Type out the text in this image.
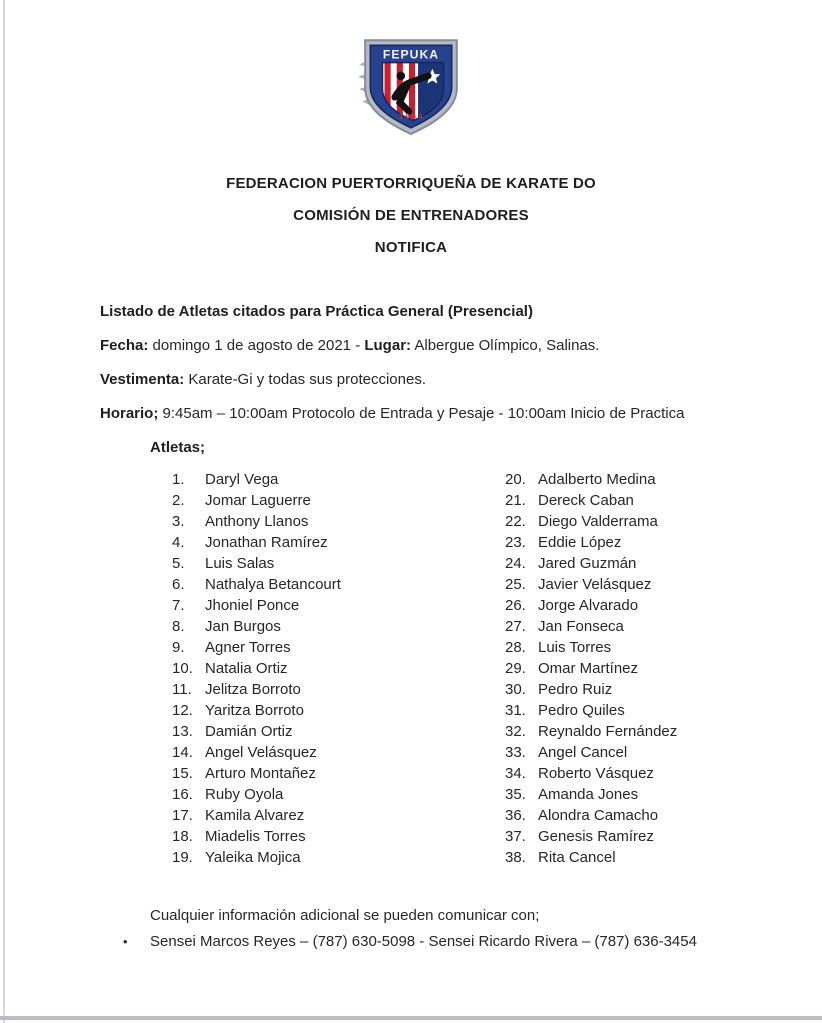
FEPUKA
1964

FEDERACION PUERTORRIQUEÑA DE KARATE DO

COMISIÓN DE ENTRENADORES

NOTIFICA

Listado de Atletas citados para Práctica General (Presencial)

Fecha: domingo 1 de agosto de 2021 - Lugar: Albergue Olímpico, Salinas.

Vestimenta: Karate-Gi y todas sus protecciones.

Horario; 9:45am – 10:00am Protocolo de Entrada y Pesaje - 10:00am Inicio de Practica

Atletas;

1.	Daryl Vega
2.	Jomar Laguerre
3.	Anthony Llanos
4.	Jonathan Ramírez
5.	Luis Salas
6.	Nathalya Betancourt
7.	Jhoniel Ponce
8.	Jan Burgos
9.	Agner Torres
10. Natalia Ortiz
11. Jelitza Borroto
12. Yaritza Borroto
13. Damián Ortiz
14. Angel Velásquez
15. Arturo Montañez
16. Ruby Oyola
17. Kamila Alvarez
18. Miadelis Torres
19. Yaleika Mojica
20. Adalberto Medina
21. Dereck Caban
22. Diego Valderrama
23. Eddie López
24. Jared Guzmán
25. Javier Velásquez
26. Jorge Alvarado
27. Jan Fonseca
28. Luis Torres
29. Omar Martínez
30. Pedro Ruiz
31. Pedro Quiles
32. Reynaldo Fernández
33. Angel Cancel
34. Roberto Vásquez
35. Amanda Jones
36. Alondra Camacho
37. Genesis Ramírez
38. Rita Cancel

Cualquier información adicional se pueden comunicar con;

•	Sensei Marcos Reyes – (787) 630-5098 - Sensei Ricardo Rivera – (787) 636-3454
